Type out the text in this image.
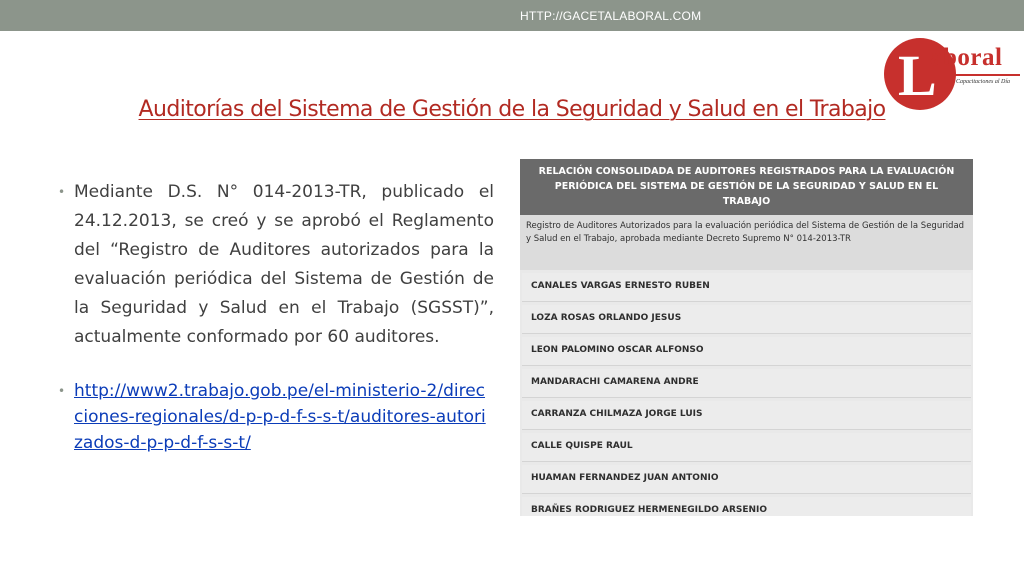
HTTP://GACETALABORAL.COM
L
aboral
Capacitaciones al Día
Auditorías del Sistema de Gestión de la Seguridad y Salud en el Trabajo
• Mediante D.S. N° 014-2013-TR, publicado el 24.12.2013, se creó y se aprobó el Reglamento del “Registro de Auditores autorizados para la evaluación periódica del Sistema de Gestión de la Seguridad y Salud en el Trabajo (SGSST)”, actualmente conformado por 60 auditores.
• http://www2.trabajo.gob.pe/el-ministerio-2/direcciones-regionales/d-p-p-d-f-s-s-t/auditores-autorizados-d-p-p-d-f-s-s-t/
RELACIÓN CONSOLIDADA DE AUDITORES REGISTRADOS PARA LA EVALUACIÓN PERIÓDICA DEL SISTEMA DE GESTIÓN DE LA SEGURIDAD Y SALUD EN EL TRABAJO
Registro de Auditores Autorizados para la evaluación periódica del Sistema de Gestión de la Seguridad y Salud en el Trabajo, aprobada mediante Decreto Supremo N° 014-2013-TR
CANALES VARGAS ERNESTO RUBEN
LOZA ROSAS ORLANDO JESUS
LEON PALOMINO OSCAR ALFONSO
MANDARACHI CAMARENA ANDRE
CARRANZA CHILMAZA JORGE LUIS
CALLE QUISPE RAUL
HUAMAN FERNANDEZ JUAN ANTONIO
BRAÑES RODRIGUEZ HERMENEGILDO ARSENIO
